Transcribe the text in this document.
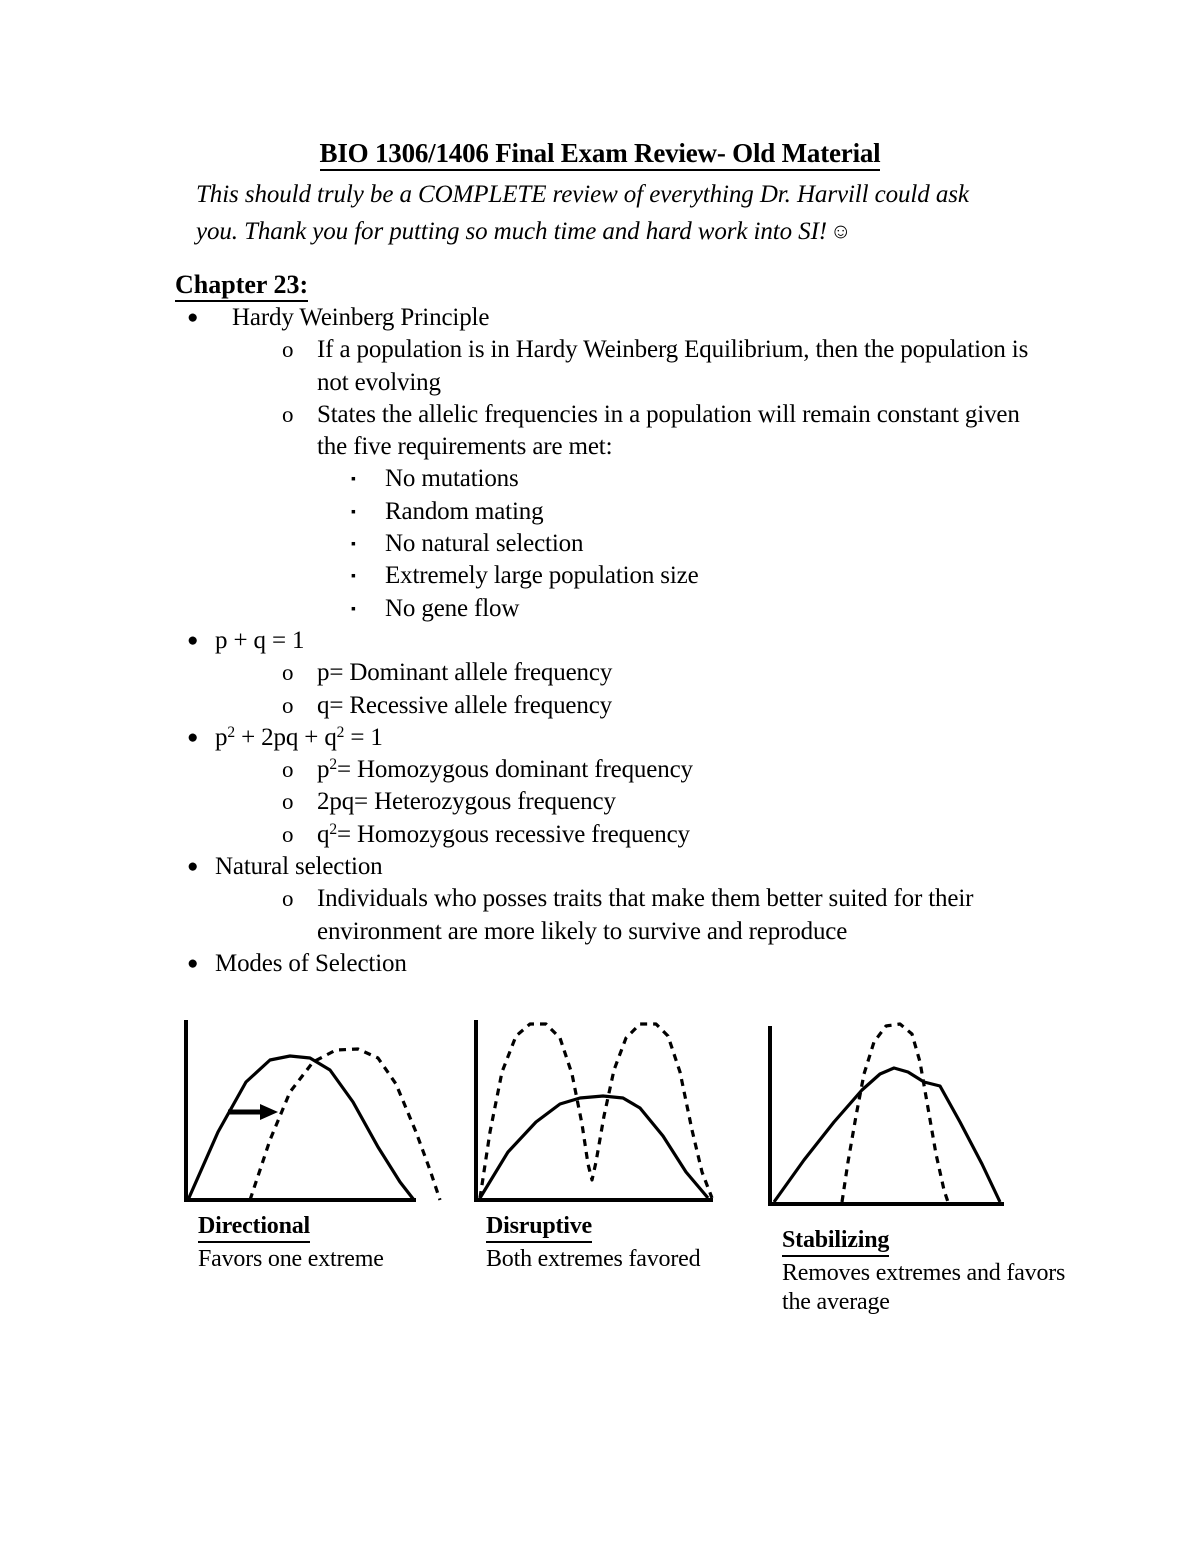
BIO 1306/1406 Final Exam Review- Old Material
This should truly be a COMPLETE review of everything Dr. Harvill could ask you. Thank you for putting so much time and hard work into SI! ☺
Chapter 23:
● Hardy Weinberg Principle
o If a population is in Hardy Weinberg Equilibrium, then the population is not evolving
o States the allelic frequencies in a population will remain constant given the five requirements are met:
▪ No mutations
▪ Random mating
▪ No natural selection
▪ Extremely large population size
▪ No gene flow
● p + q = 1
o p= Dominant allele frequency
o q= Recessive allele frequency
● $p^2 + 2pq + q^2 = 1$
o $p^2=$ Homozygous dominant frequency
o 2pq= Heterozygous frequency
o $q^2=$ Homozygous recessive frequency
● Natural selection
o Individuals who posses traits that make them better suited for their environment are more likely to survive and reproduce
● Modes of Selection
Directional
Favors one extreme
Disruptive
Both extremes favored
Stabilizing
Removes extremes and favors the average
